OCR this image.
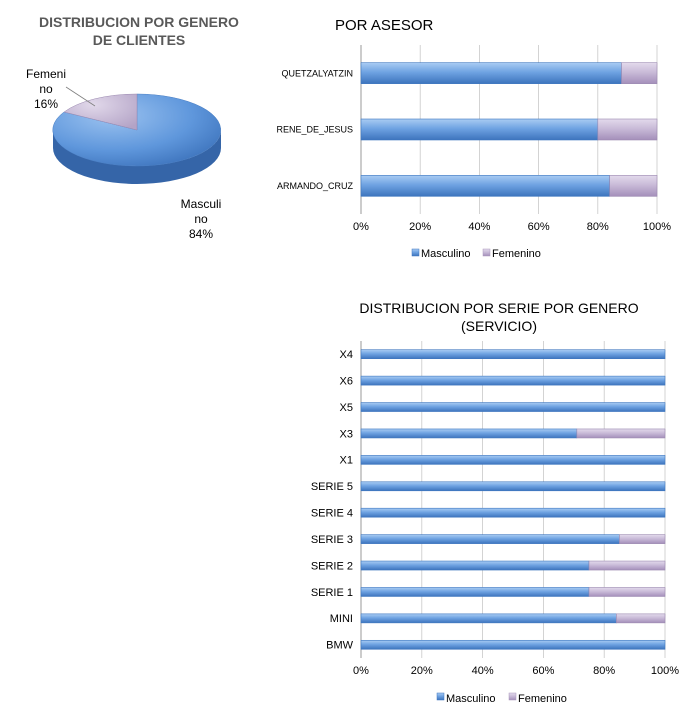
DISTRIBUCION POR GENERO
DE CLIENTES
Femeni
no
16%
Masculi
no
84%
POR ASESOR
QUETZALYATZIN
RENE_DE_JESUS
ARMANDO_CRUZ
0%	20%	40%	60%	80%	100%
Masculino Femenino
DISTRIBUCION POR SERIE POR GENERO
(SERVICIO)
X4
X6
X5
X3
X1
SERIE 5
SERIE 4
SERIE 3
SERIE 2
SERIE 1
MINI
BMW
0%	20%	40%	60%	80%	100%
Masculino Femenino
